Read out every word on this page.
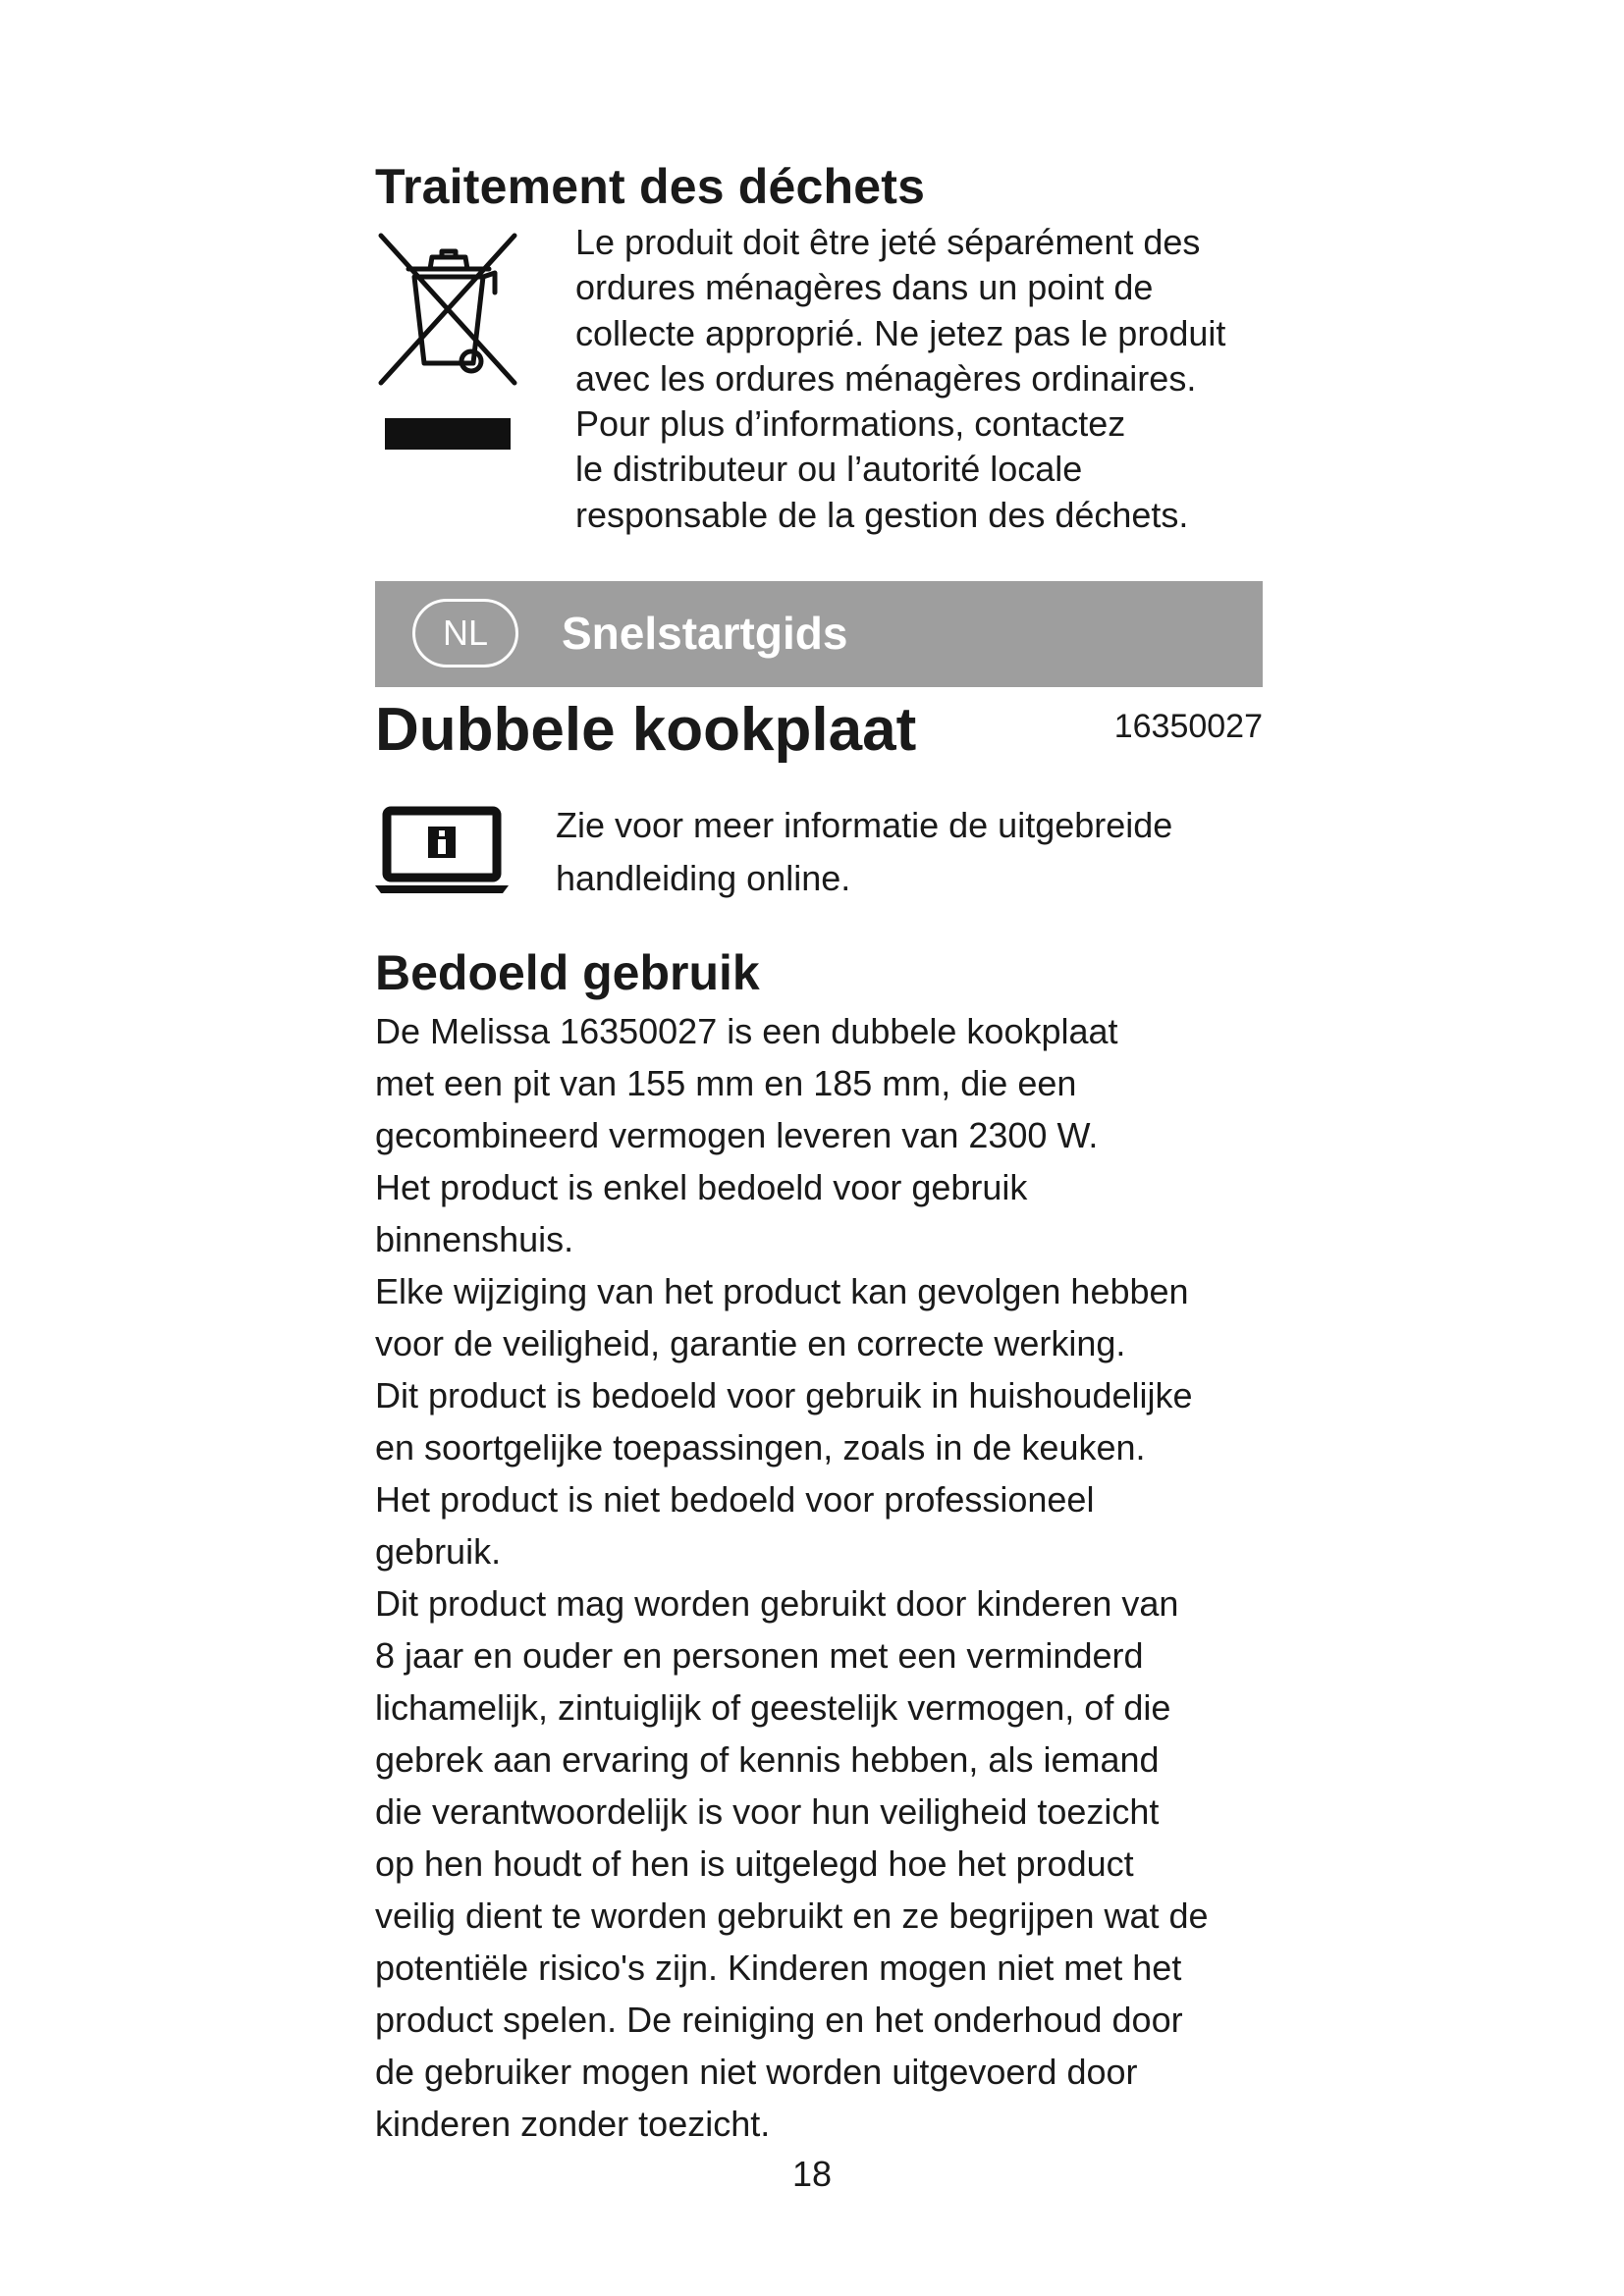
Traitement des déchets

Le produit doit être jeté séparément des
ordures ménagères dans un point de
collecte approprié. Ne jetez pas le produit
avec les ordures ménagères ordinaires.
Pour plus d’informations, contactez
le distributeur ou l’autorité locale
responsable de la gestion des déchets.

NL	Snelstartgids
Dubbele kookplaat	16350027

Zie voor meer informatie de uitgebreide
handleiding online.

Bedoeld gebruik

De Melissa 16350027 is een dubbele kookplaat
met een pit van 155 mm en 185 mm, die een
gecombineerd vermogen leveren van 2300 W.
Het product is enkel bedoeld voor gebruik
binnenshuis.
Elke wijziging van het product kan gevolgen hebben
voor de veiligheid, garantie en correcte werking.
Dit product is bedoeld voor gebruik in huishoudelijke
en soortgelijke toepassingen, zoals in de keuken.
Het product is niet bedoeld voor professioneel
gebruik.
Dit product mag worden gebruikt door kinderen van
8 jaar en ouder en personen met een verminderd
lichamelijk, zintuiglijk of geestelijk vermogen, of die
gebrek aan ervaring of kennis hebben, als iemand
die verantwoordelijk is voor hun veiligheid toezicht
op hen houdt of hen is uitgelegd hoe het product
veilig dient te worden gebruikt en ze begrijpen wat de
potentiële risico's zijn. Kinderen mogen niet met het
product spelen. De reiniging en het onderhoud door
de gebruiker mogen niet worden uitgevoerd door
kinderen zonder toezicht.

18
